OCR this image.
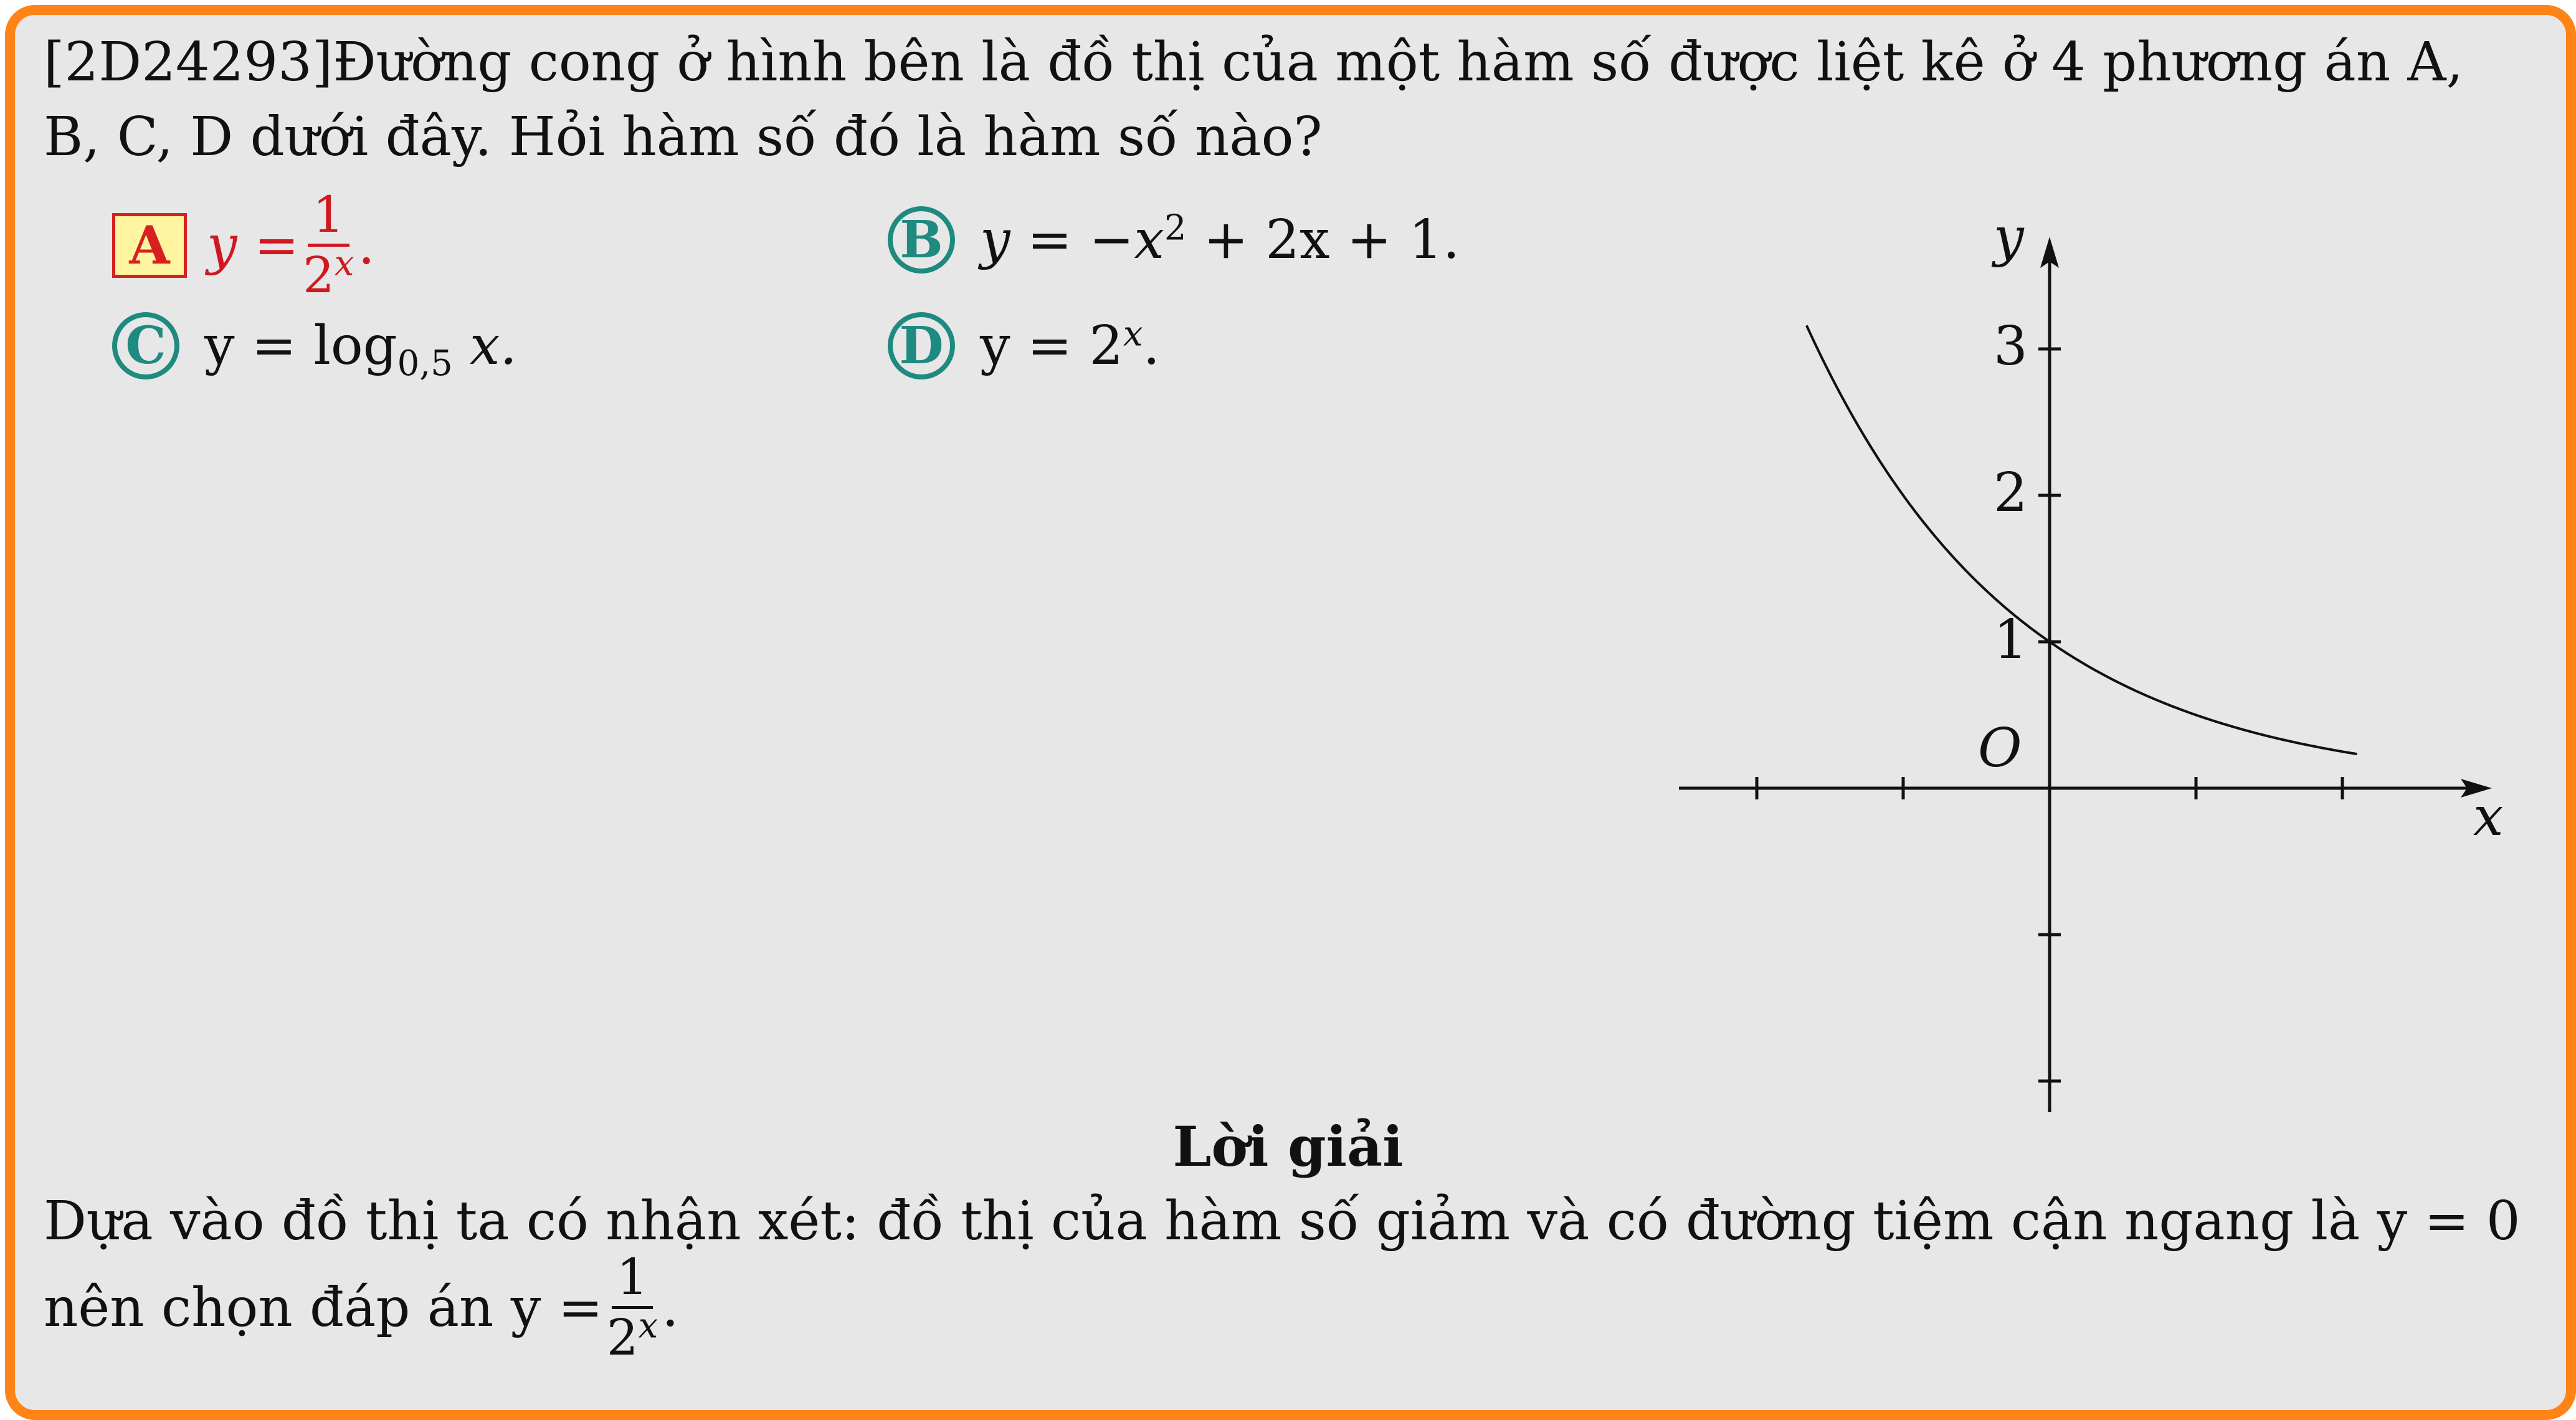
[2D24293]Đường cong ở hình bên là đồ thị của một hàm số được liệt kê ở 4 phương án A, B, C, D dưới đây. Hỏi hàm số đó là hàm số nào?

A $y = \frac{1}{2^x}$ .	B $y = -x^2 + 2x + 1$.
C $y = \log_{0,5} x$.	D $y = 2^x$.
x
y
O
1
2
3
Lời giải
Dựa vào đồ thị ta có nhận xét: đồ thị của hàm số giảm và có đường tiệm cận ngang là y = 0
nên chọn đáp án $y = \frac{1}{2^x}$ .
